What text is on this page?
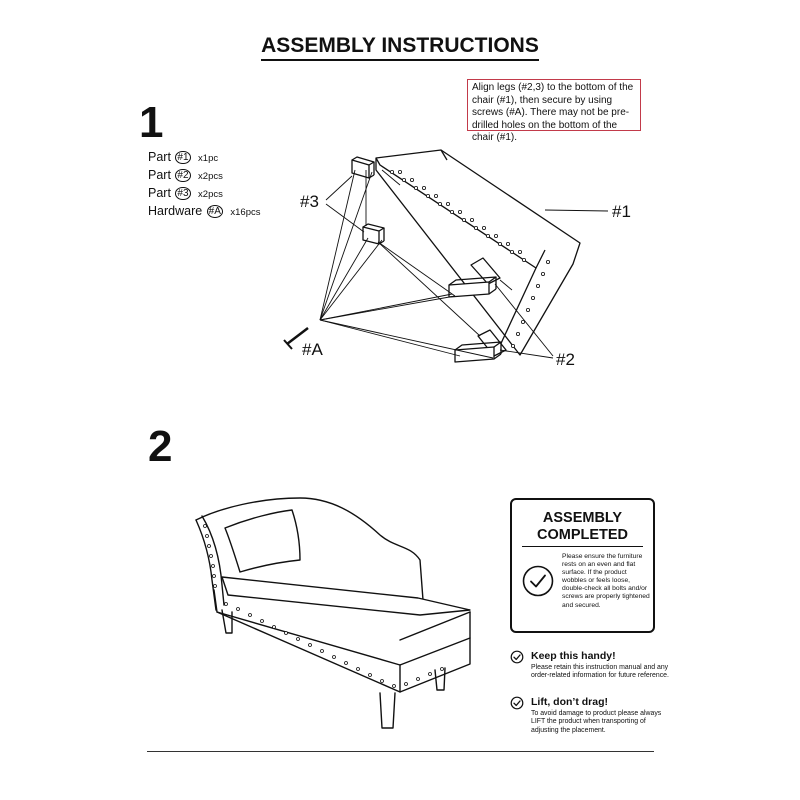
ASSEMBLY INSTRUCTIONS
1
Align legs (#2,3) to the bottom of the chair (#1), then secure by using screws (#A). There may not be pre-drilled holes on the bottom of the chair (#1).
Part #1 x1pc
Part #2 x2pcs
Part #3 x2pcs
Hardware #A x16pcs
#3
#1
#2
#A
2
ASSEMBLY
COMPLETED
Please ensure the furniture rests on an even and flat surface. If the product wobbles or feels loose, double-check all bolts and/or screws are properly tightened and secured.
Keep this handy!
Please retain this instruction manual and any order-related information for future reference.
Lift, don’t drag!
To avoid damage to product please always LIFT the product when transporting of adjusting the placement.
